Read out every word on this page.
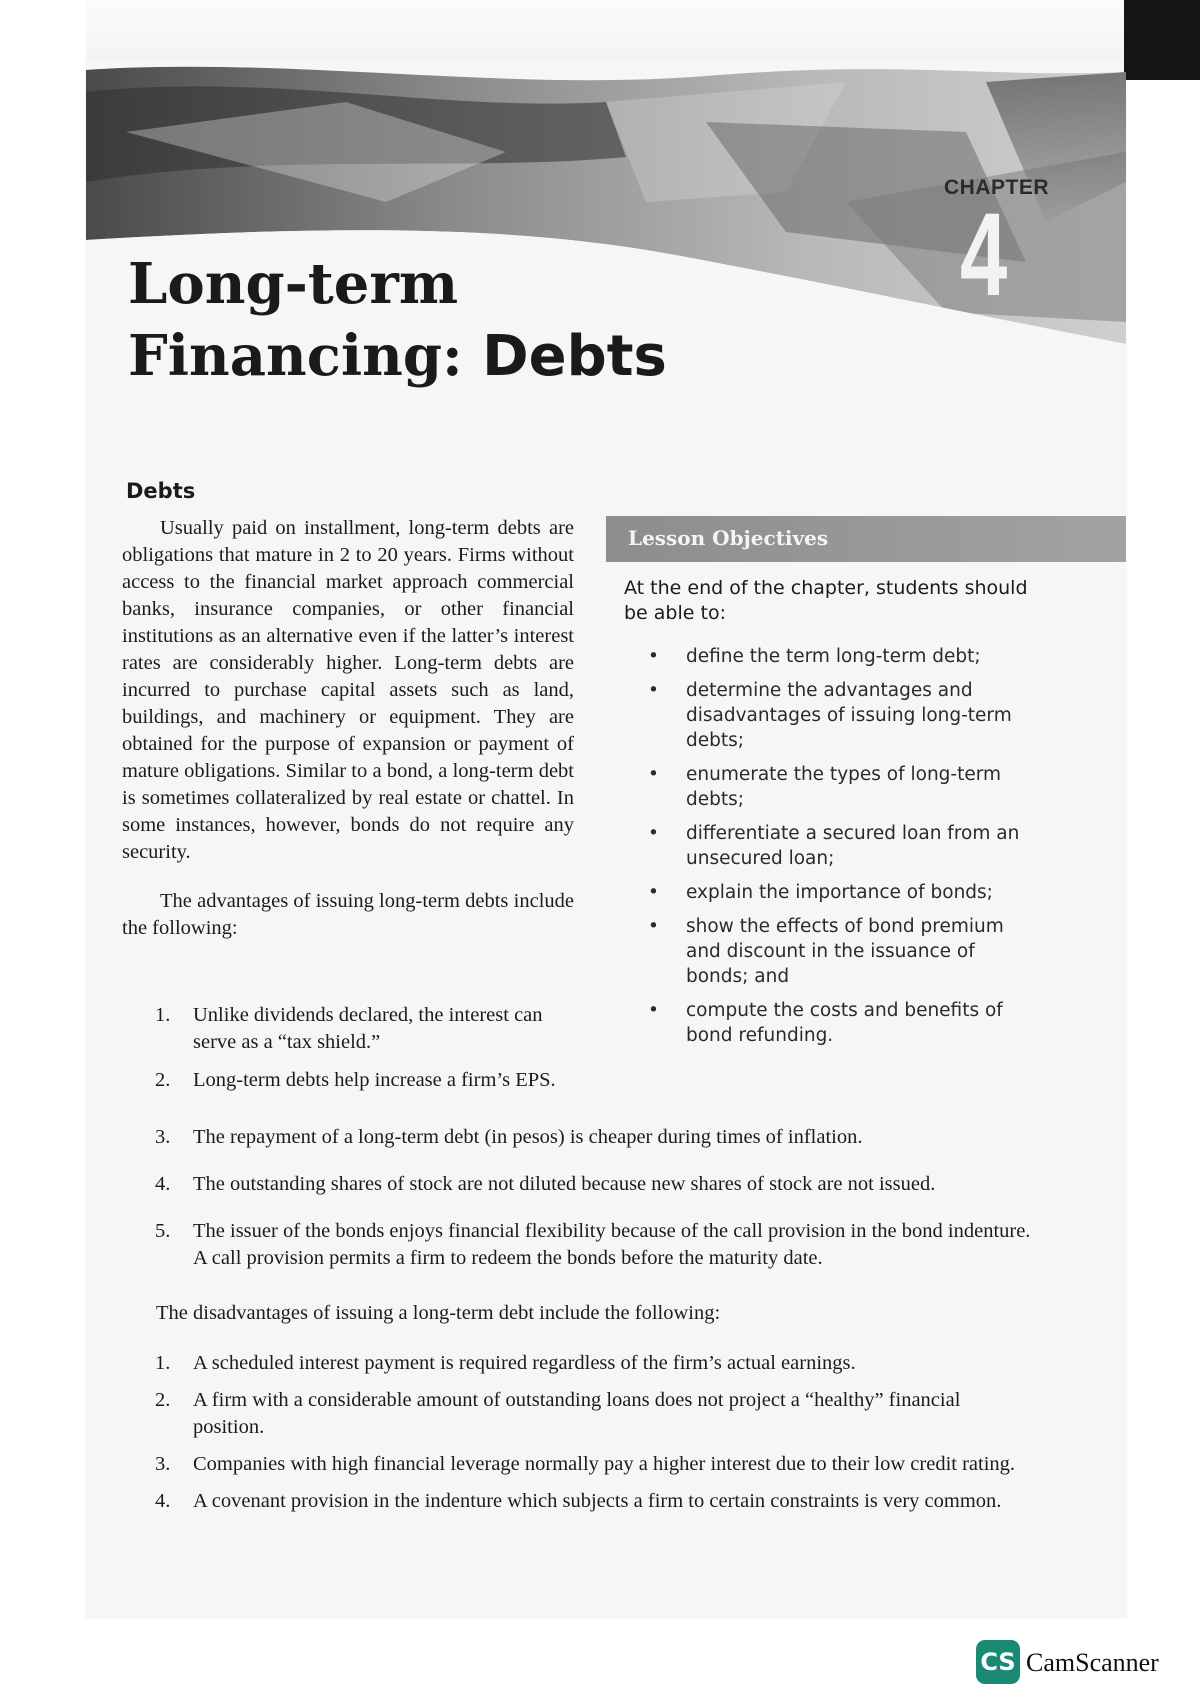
CHAPTER
4
Long-term
Financing: Debts
Debts

Usually paid on installment, long-term debts are obligations that mature in 2 to 20 years. Firms without access to the financial market approach commercial banks, insurance companies, or other financial institutions as an alternative even if the latter’s interest rates are considerably higher. Long-term debts are incurred to purchase capital assets such as land, buildings, and machinery or equipment. They are obtained for the purpose of expansion or payment of mature obligations. Similar to a bond, a long-term debt is sometimes collateralized by real estate or chattel. In some instances, however, bonds do not require any security.

The advantages of issuing long-term debts include the following:

Lesson Objectives
At the end of the chapter, students should be able to:
• define the term long-term debt;
• determine the advantages and disadvantages of issuing long-term debts;
• enumerate the types of long-term debts;
• differentiate a secured loan from an unsecured loan;
• explain the importance of bonds;
• show the effects of bond premium and discount in the issuance of bonds; and
• compute the costs and benefits of bond refunding.
1. Unlike dividends declared, the interest can serve as a “tax shield.”
2. Long-term debts help increase a firm’s EPS.
3. The repayment of a long-term debt (in pesos) is cheaper during times of inflation.
4. The outstanding shares of stock are not diluted because new shares of stock are not issued.
5. The issuer of the bonds enjoys financial flexibility because of the call provision in the bond indenture. A call provision permits a firm to redeem the bonds before the maturity date.
The disadvantages of issuing a long-term debt include the following:
1. A scheduled interest payment is required regardless of the firm’s actual earnings.
2. A firm with a considerable amount of outstanding loans does not project a “healthy” financial position.
3. Companies with high financial leverage normally pay a higher interest due to their low credit rating.
4. A covenant provision in the indenture which subjects a firm to certain constraints is very common.
CS CamScanner
